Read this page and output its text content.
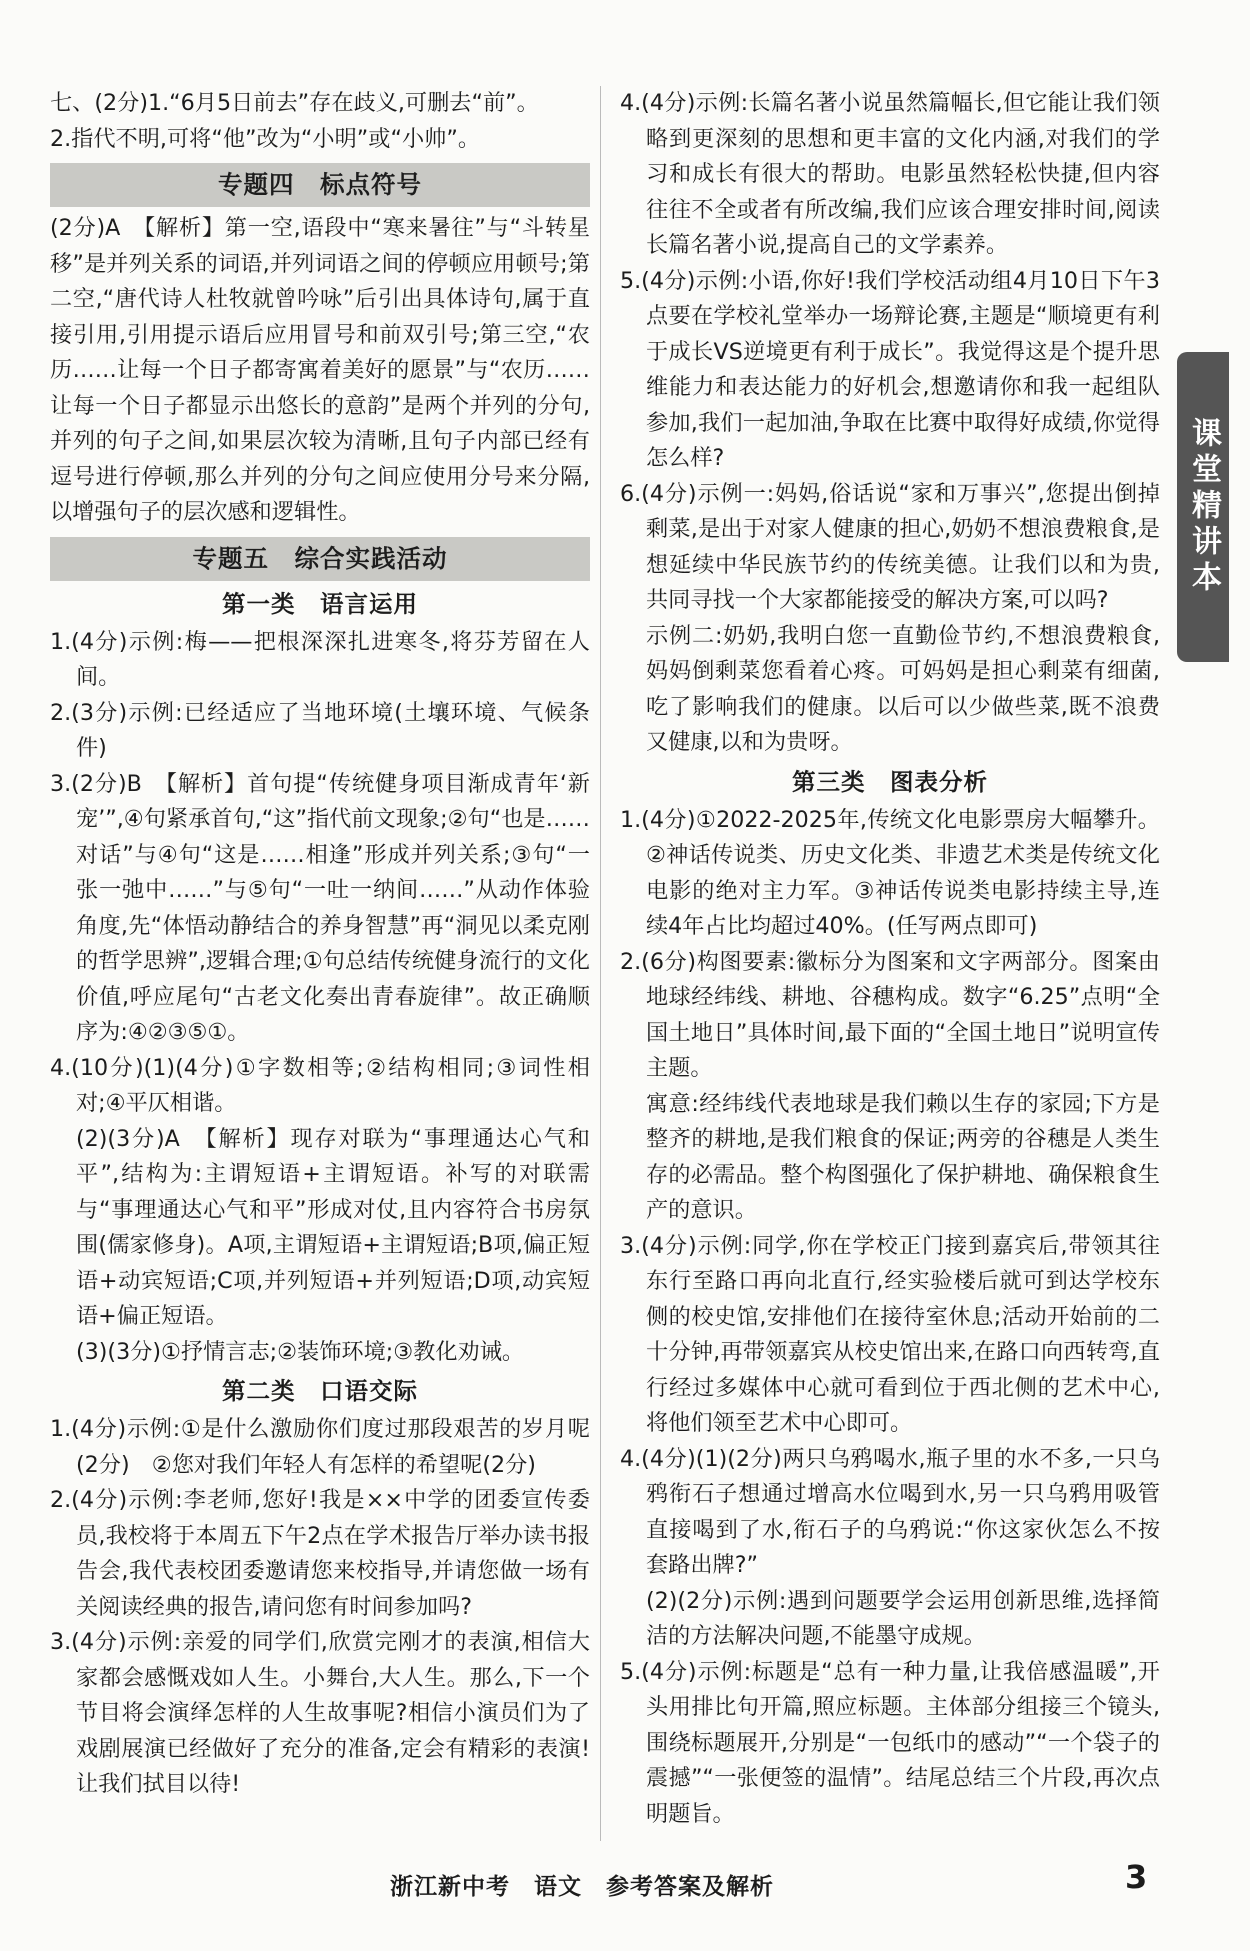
七、(2分)1.“6月5日前去”存在歧义,可删去“前”。

2.指代不明,可将“他”改为“小明”或“小帅”。

专题四　标点符号

(2分)A　【解析】第一空,语段中“寒来暑往”与“斗转星移”是并列关系的词语,并列词语之间的停顿应用顿号;第二空,“唐代诗人杜牧就曾吟咏”后引出具体诗句,属于直接引用,引用提示语后应用冒号和前双引号;第三空,“农历……让每一个日子都寄寓着美好的愿景”与“农历……让每一个日子都显示出悠长的意韵”是两个并列的分句,并列的句子之间,如果层次较为清晰,且句子内部已经有逗号进行停顿,那么并列的分句之间应使用分号来分隔,以增强句子的层次感和逻辑性。

专题五　综合实践活动
第一类　语言运用

1.(4分)示例:梅——把根深深扎进寒冬,将芬芳留在人间。

2.(3分)示例:已经适应了当地环境(土壤环境、气候条件)

3.(2分)B　【解析】首句提“传统健身项目渐成青年‘新宠’”,④句紧承首句,“这”指代前文现象;②句“也是……对话”与④句“这是……相逢”形成并列关系;③句“一张一弛中……”与⑤句“一吐一纳间……”从动作体验角度,先“体悟动静结合的养身智慧”再“洞见以柔克刚的哲学思辨”,逻辑合理;①句总结传统健身流行的文化价值,呼应尾句“古老文化奏出青春旋律”。故正确顺序为:④②③⑤①。

4.(10分)(1)(4分)①字数相等;②结构相同;③词性相对;④平仄相谐。

(2)(3分)A　【解析】现存对联为“事理通达心气和平”,结构为:主谓短语+主谓短语。补写的对联需与“事理通达心气和平”形成对仗,且内容符合书房氛围(儒家修身)。A项,主谓短语+主谓短语;B项,偏正短语+动宾短语;C项,并列短语+并列短语;D项,动宾短语+偏正短语。

(3)(3分)①抒情言志;②装饰环境;③教化劝诫。

第二类　口语交际

1.(4分)示例:①是什么激励你们度过那段艰苦的岁月呢(2分)　②您对我们年轻人有怎样的希望呢(2分)

2.(4分)示例:李老师,您好!我是××中学的团委宣传委员,我校将于本周五下午2点在学术报告厅举办读书报告会,我代表校团委邀请您来校指导,并请您做一场有关阅读经典的报告,请问您有时间参加吗?

3.(4分)示例:亲爱的同学们,欣赏完刚才的表演,相信大家都会感慨戏如人生。小舞台,大人生。那么,下一个节目将会演绎怎样的人生故事呢?相信小演员们为了戏剧展演已经做好了充分的准备,定会有精彩的表演!让我们拭目以待!

4.(4分)示例:长篇名著小说虽然篇幅长,但它能让我们领略到更深刻的思想和更丰富的文化内涵,对我们的学习和成长有很大的帮助。电影虽然轻松快捷,但内容往往不全或者有所改编,我们应该合理安排时间,阅读长篇名著小说,提高自己的文学素养。

5.(4分)示例:小语,你好!我们学校活动组4月10日下午3点要在学校礼堂举办一场辩论赛,主题是“顺境更有利于成长VS逆境更有利于成长”。我觉得这是个提升思维能力和表达能力的好机会,想邀请你和我一起组队参加,我们一起加油,争取在比赛中取得好成绩,你觉得怎么样?

6.(4分)示例一:妈妈,俗话说“家和万事兴”,您提出倒掉剩菜,是出于对家人健康的担心,奶奶不想浪费粮食,是想延续中华民族节约的传统美德。让我们以和为贵,共同寻找一个大家都能接受的解决方案,可以吗?

示例二:奶奶,我明白您一直勤俭节约,不想浪费粮食,妈妈倒剩菜您看着心疼。可妈妈是担心剩菜有细菌,吃了影响我们的健康。以后可以少做些菜,既不浪费又健康,以和为贵呀。

第三类　图表分析

1.(4分)①2022-2025年,传统文化电影票房大幅攀升。②神话传说类、历史文化类、非遗艺术类是传统文化电影的绝对主力军。③神话传说类电影持续主导,连续4年占比均超过40%。(任写两点即可)

2.(6分)构图要素:徽标分为图案和文字两部分。图案由地球经纬线、耕地、谷穗构成。数字“6.25”点明“全国土地日”具体时间,最下面的“全国土地日”说明宣传主题。

寓意:经纬线代表地球是我们赖以生存的家园;下方是整齐的耕地,是我们粮食的保证;两旁的谷穗是人类生存的必需品。整个构图强化了保护耕地、确保粮食生产的意识。

3.(4分)示例:同学,你在学校正门接到嘉宾后,带领其往东行至路口再向北直行,经实验楼后就可到达学校东侧的校史馆,安排他们在接待室休息;活动开始前的二十分钟,再带领嘉宾从校史馆出来,在路口向西转弯,直行经过多媒体中心就可看到位于西北侧的艺术中心,将他们领至艺术中心即可。

4.(4分)(1)(2分)两只乌鸦喝水,瓶子里的水不多,一只乌鸦衔石子想通过增高水位喝到水,另一只乌鸦用吸管直接喝到了水,衔石子的乌鸦说:“你这家伙怎么不按套路出牌?”

(2)(2分)示例:遇到问题要学会运用创新思维,选择简洁的方法解决问题,不能墨守成规。

5.(4分)示例:标题是“总有一种力量,让我倍感温暖”,开头用排比句开篇,照应标题。主体部分组接三个镜头,围绕标题展开,分别是“一包纸巾的感动”“一个袋子的震撼”“一张便签的温情”。结尾总结三个片段,再次点明题旨。

课堂精讲本

浙江新中考　语文　参考答案及解析	3
